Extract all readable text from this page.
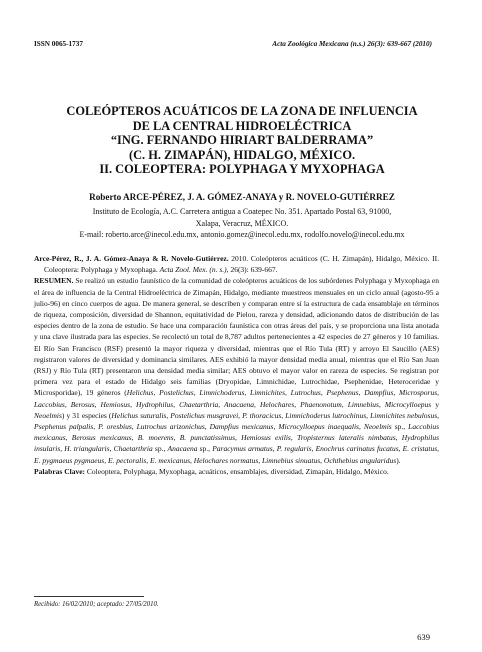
ISSN 0065-1737	Acta Zoológica Mexicana (n.s.) 26(3): 639-667 (2010)
COLEÓPTEROS ACUÁTICOS DE LA ZONA DE INFLUENCIA
DE LA CENTRAL HIDROELÉCTRICA
“ING. FERNANDO HIRIART BALDERRAMA”
(C. H. ZIMAPÁN), HIDALGO, MÉXICO.
II. COLEOPTERA: POLYPHAGA Y MYXOPHAGA
Roberto ARCE-PÉREZ, J. A. GÓMEZ-ANAYA y R. NOVELO-GUTIÉRREZ
Instituto de Ecología, A.C. Carretera antigua a Coatepec No. 351. Apartado Postal 63, 91000,
Xalapa, Veracruz, MÉXICO.
E-mail: roberto.arce@inecol.edu.mx, antonio.gomez@inecol.edu.mx, rodolfo.novelo@inecol.edu.mx
Arce-Pérez, R., J. A. Gómez-Anaya & R. Novelo-Gutiérrez. 2010. Coleópteros acuáticos (C. H. Zimapán), Hidalgo, México. II. Coleoptera: Polyphaga y Myxophaga. Acta Zool. Mex. (n. s.), 26(3): 639-667.
RESUMEN. Se realizó un estudio faunístico de la comunidad de coleópteros acuáticos de los subórdenes Polyphaga y Myxophaga en el área de influencia de la Central Hidroeléctrica de Zimapán, Hidalgo, mediante muestreos mensuales en un ciclo anual (agosto-95 a julio-96) en cinco cuerpos de agua. De manera general, se describen y comparan entre sí la estructura de cada ensamblaje en términos de riqueza, composición, diversidad de Shannon, equitatividad de Pielou, rareza y densidad, adicionando datos de distribución de las especies dentro de la zona de estudio. Se hace una comparación faunística con otras áreas del país, y se proporciona una lista anotada y una clave ilustrada para las especies. Se recolectó un total de 8,787 adultos pertenecientes a 42 especies de 27 géneros y 10 familias. El Río San Francisco (RSF) presentó la mayor riqueza y diversidad, mientras que el Río Tula (RT) y arroyo El Saucillo (AES) registraron valores de diversidad y dominancia similares. AES exhibió la mayor densidad media anual, mientras que el Río San Juan (RSJ) y Río Tula (RT) presentaron una densidad media similar; AES obtuvo el mayor valor en rareza de especies. Se registran por primera vez para el estado de Hidalgo seis familias (Dryopidae, Limnichidae, Lutrochidae, Psephenidae, Heteroceridae y Microsporidae), 19 géneros (Helichus, Postelichus, Limnichoderus, Limnichites, Lutrochus, Psephenus, Dampfius, Microsporus, Laccobius, Berosus, Hemiosus, Hydrophilus, Chaetarthria, Anacaena, Helochares, Phaenonotum, Limnebius, Microcylloepus y Neoelmis) y 31 especies (Helichus suturalis, Postelichus musgravei, P. thoracicus, Limnichoderus lutrochinus, Limnichites nebulosus, Psephenus palpalis, P. oresbius, Lutrochus arizonichus, Dampfius mexicanus, Microcylloepus inaequalis, Neoelmis sp., Laccobius mexicanus, Berosus mexicanus, B. moerens, B. punctatissimus, Hemiosus exilis, Tropisternus lateralis nimbatus, Hydrophilus insularis, H. triangularis, Chaetarthria sp., Anacaena sp., Paracymus armatus, P. regularis, Enochrus carinatus fucatus, E. cristatus, E. pygmaeus pygmaeus, E. pectoralis, E. mexicanus, Helochares normatus, Limnebius sinuatus, Ochthebius angularidus).
Palabras Clave: Coleoptera, Polyphaga, Myxophaga, acuáticos, ensamblajes, diversidad, Zimapán, Hidalgo, México.
Recibido: 16/02/2010; aceptado: 27/05/2010.
639
